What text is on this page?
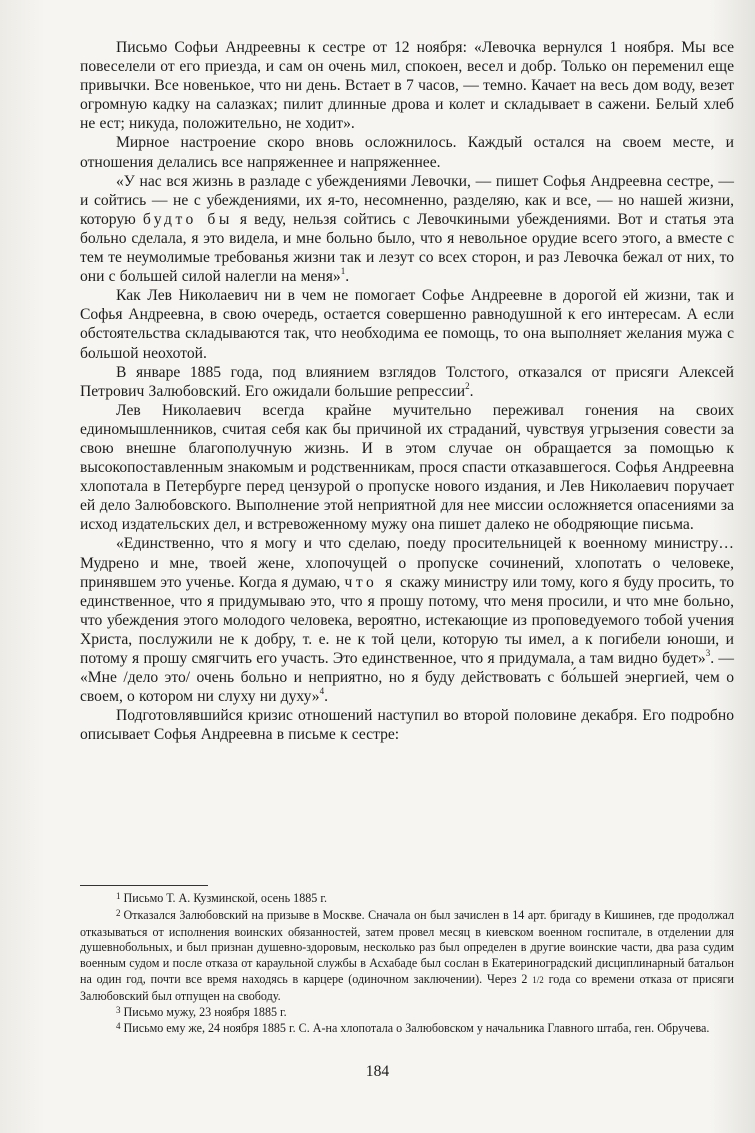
Письмо Софьи Андреевны к сестре от 12 ноября: «Левочка вернулся 1 ноября. Мы все повеселели от его приезда, и сам он очень мил, спокоен, весел и добр. Только он переменил еще привычки. Все новенькое, что ни день. Встает в 7 часов, — темно. Качает на весь дом воду, везет огромную кадку на салазках; пилит длинные дрова и колет и складывает в сажени. Белый хлеб не ест; никуда, положительно, не ходит».

Мирное настроение скоро вновь осложнилось. Каждый остался на своем месте, и отношения делались все напряженнее и напряженнее.

«У нас вся жизнь в разладе с убеждениями Левочки, — пишет Софья Андреевна сестре, — и сойтись — не с убеждениями, их я-то, несомненно, разделяю, как и все, — но нашей жизни, которую будто бы я веду, нельзя сойтись с Левочкиными убеждениями. Вот и статья эта больно сделала, я это видела, и мне больно было, что я невольное орудие всего этого, а вместе с тем те неумолимые требованья жизни так и лезут со всех сторон, и раз Левочка бежал от них, то они с большей силой налегли на меня»$^1$.

Как Лев Николаевич ни в чем не помогает Софье Андреевне в дорогой ей жизни, так и Софья Андреевна, в свою очередь, остается совершенно равнодушной к его интересам. А если обстоятельства складываются так, что необходима ее помощь, то она выполняет желания мужа с большой неохотой.

В январе 1885 года, под влиянием взглядов Толстого, отказался от присяги Алексей Петрович Залюбовский. Его ожидали большие репрессии$^2$.

Лев Николаевич всегда крайне мучительно переживал гонения на своих единомышленников, считая себя как бы причиной их страданий, чувствуя угрызения совести за свою внешне благополучную жизнь. И в этом случае он обращается за помощью к высокопоставленным знакомым и родственникам, прося спасти отказавшегося. Софья Андреевна хлопотала в Петербурге перед цензурой о пропуске нового издания, и Лев Николаевич поручает ей дело Залюбовского. Выполнение этой неприятной для нее миссии осложняется опасениями за исход издательских дел, и встревоженному мужу она пишет далеко не ободряющие письма.

«Единственно, что я могу и что сделаю, поеду просительницей к военному министру… Мудрено и мне, твоей жене, хлопочущей о пропуске сочинений, хлопотать о человеке, принявшем это ученье. Когда я думаю, что я скажу министру или тому, кого я буду просить, то единственное, что я придумываю это, что я прошу потому, что меня просили, и что мне больно, что убеждения этого молодого человека, вероятно, истекающие из проповедуемого тобой учения Христа, послужили не к добру, т. е. не к той цели, которую ты имел, а к погибели юноши, и потому я прошу смягчить его участь. Это единственное, что я придумала, а там видно будет»$^3$. — «Мне /дело это/ очень больно и неприятно, но я буду действовать с бо́льшей энергией, чем о своем, о котором ни слуху ни духу»$^4$.

Подготовлявшийся кризис отношений наступил во второй половине декабря. Его подробно описывает Софья Андреевна в письме к сестре:

$^1$ Письмо Т. А. Кузминской, осень 1885 г.

$^2$ Отказался Залюбовский на призыве в Москве. Сначала он был зачислен в 14 арт. бригаду в Кишинев, где продолжал отказываться от исполнения воинских обязанностей, затем провел месяц в киевском военном госпитале, в отделении для душевнобольных, и был признан душевно-здоровым, несколько раз был определен в другие воинские части, два раза судим военным судом и после отказа от караульной службы в Асхабаде был сослан в Екатериноградский дисциплинарный батальон на один год, почти все время находясь в карцере (одиночном заключении). Через 2 1/2 года со времени отказа от присяги Залюбовский был отпущен на свободу.

$^3$ Письмо мужу, 23 ноября 1885 г.

$^4$ Письмо ему же, 24 ноября 1885 г. С. А-на хлопотала о Залюбовском у начальника Главного штаба, ген. Обручева.

184
